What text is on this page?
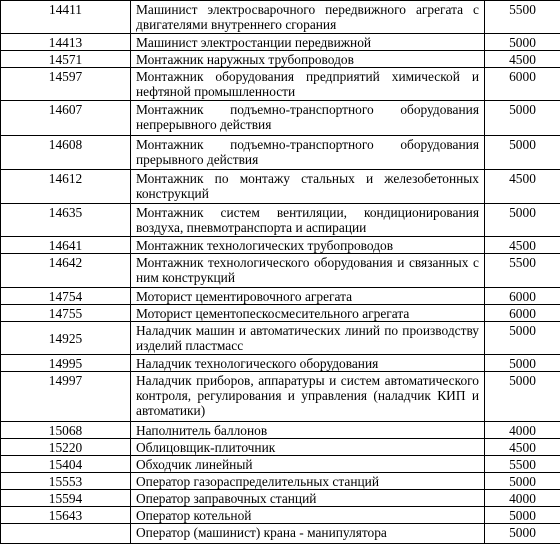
14411	Машинист электросварочного передвижного агрегата с двигателями внутреннего сгорания	5500
14413	Машинист электростанции передвижной	5000
14571	Монтажник наружных трубопроводов	4500
14597	Монтажник оборудования предприятий химической и нефтяной промышленности	6000
14607	Монтажник подъемно-транспортного оборудования непрерывного действия	5000
14608	Монтажник подъемно-транспортного оборудования прерывного действия	5000
14612	Монтажник по монтажу стальных и железобетонных конструкций	4500
14635	Монтажник систем вентиляции, кондиционирования воздуха, пневмотранспорта и аспирации	5000
14641	Монтажник технологических трубопроводов	4500
14642	Монтажник технологического оборудования и связанных с ним конструкций	5500
14754	Моторист цементировочного агрегата	6000
14755	Моторист цементопескосмесительного агрегата	6000
14925	Наладчик машин и автоматических линий по производству изделий пластмасс	5000
14995	Наладчик технологического оборудования	5000
14997	Наладчик приборов, аппаратуры и систем автоматического контроля, регулирования и управления (наладчик КИП и автоматики)	5000
15068	Наполнитель баллонов	4000
15220	Облицовщик-плиточник	4500
15404	Обходчик линейный	5500
15553	Оператор газораспределительных станций	5000
15594	Оператор заправочных станций	4000
15643	Оператор котельной	5000
	Оператор (машинист) крана - манипулятора	5000
